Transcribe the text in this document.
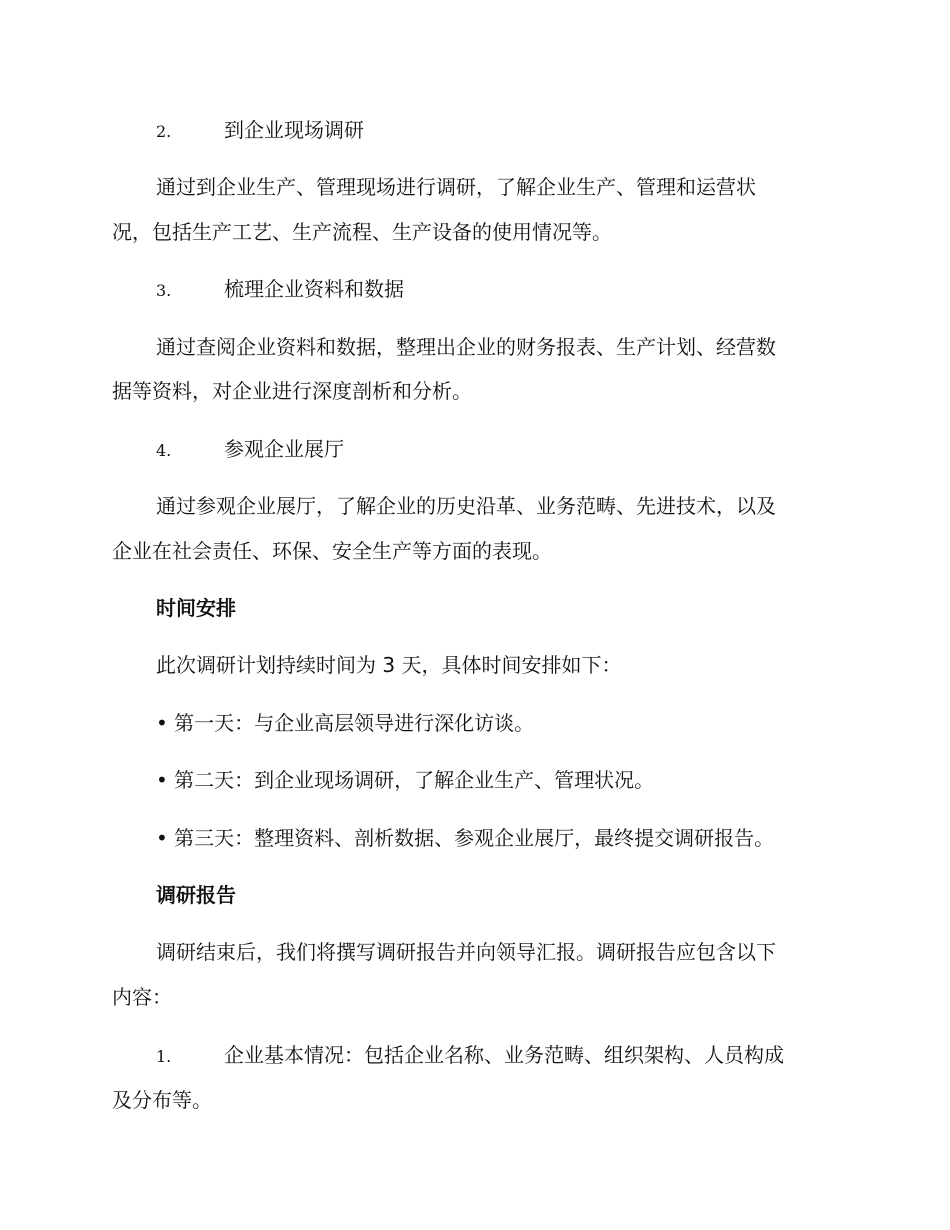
2.	到企业现场调研
通过到企业生产、管理现场进行调研，了解企业生产、管理和运营状
况，包括生产工艺、生产流程、生产设备的使用情况等。
3.	梳理企业资料和数据
通过查阅企业资料和数据，整理出企业的财务报表、生产计划、经营数
据等资料，对企业进行深度剖析和分析。
4.	参观企业展厅
通过参观企业展厅，了解企业的历史沿革、业务范畴、先进技术，以及
企业在社会责任、环保、安全生产等方面的表现。
时间安排
此次调研计划持续时间为 3 天，具体时间安排如下：
• 第一天：与企业高层领导进行深化访谈。
• 第二天：到企业现场调研，了解企业生产、管理状况。
• 第三天：整理资料、剖析数据、参观企业展厅，最终提交调研报告。
调研报告
调研结束后，我们将撰写调研报告并向领导汇报。调研报告应包含以下
内容：
1.	企业基本情况：包括企业名称、业务范畴、组织架构、人员构成
及分布等。
